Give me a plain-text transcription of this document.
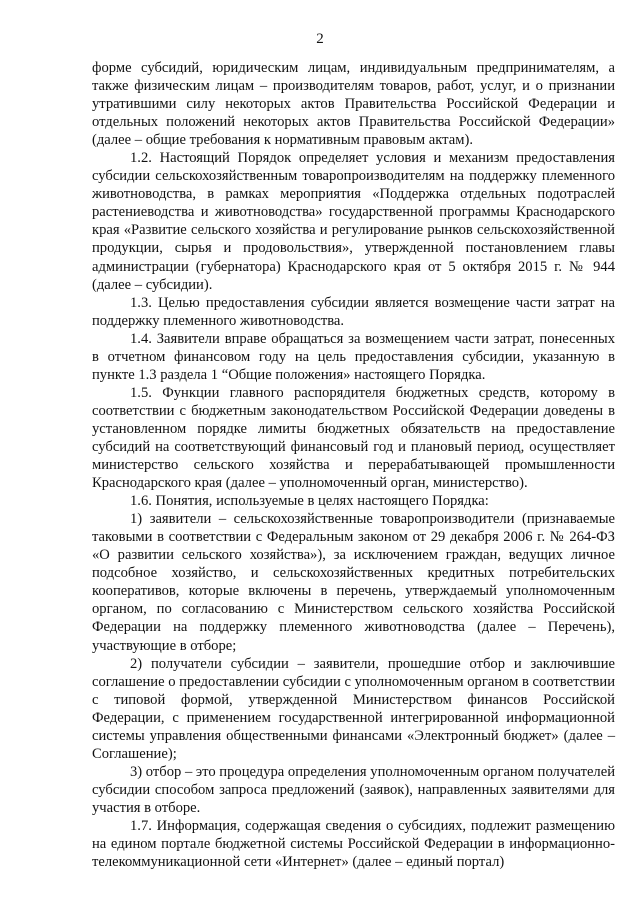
2

форме субсидий, юридическим лицам, индивидуальным предпринимателям, а также физическим лицам – производителям товаров, работ, услуг, и о признании утратившими силу некоторых актов Правительства Российской Федерации и отдельных положений некоторых актов Правительства Российской Федерации» (далее – общие требования к нормативным правовым актам).

1.2. Настоящий Порядок определяет условия и механизм предоставления субсидии сельскохозяйственным товаропроизводителям на поддержку племенного животноводства, в рамках мероприятия «Поддержка отдельных подотраслей растениеводства и животноводства» государственной программы Краснодарского края «Развитие сельского хозяйства и регулирование рынков сельскохозяйственной продукции, сырья и продовольствия», утвержденной постановлением главы администрации (губернатора) Краснодарского края от 5 октября 2015 г. № 944 (далее – субсидии).

1.3. Целью предоставления субсидии является возмещение части затрат на поддержку племенного животноводства.

1.4. Заявители вправе обращаться за возмещением части затрат, понесенных в отчетном финансовом году на цель предоставления субсидии, указанную в пункте 1.3 раздела 1 “Общие положения» настоящего Порядка.

1.5. Функции главного распорядителя бюджетных средств, которому в соответствии с бюджетным законодательством Российской Федерации доведены в установленном порядке лимиты бюджетных обязательств на предоставление субсидий на соответствующий финансовый год и плановый период, осуществляет министерство сельского хозяйства и перерабатывающей промышленности Краснодарского края (далее – уполномоченный орган, министерство).

1.6. Понятия, используемые в целях настоящего Порядка:

1) заявители – сельскохозяйственные товаропроизводители (признаваемые таковыми в соответствии с Федеральным законом от 29 декабря 2006 г. № 264-ФЗ «О развитии сельского хозяйства»), за исключением граждан, ведущих личное подсобное хозяйство, и сельскохозяйственных кредитных потребительских кооперативов, которые включены в перечень, утверждаемый уполномоченным органом, по согласованию с Министерством сельского хозяйства Российской Федерации на поддержку племенного животноводства (далее – Перечень), участвующие в отборе;

2) получатели субсидии – заявители, прошедшие отбор и заключившие соглашение о предоставлении субсидии с уполномоченным органом в соответствии с типовой формой, утвержденной Министерством финансов Российской Федерации, с применением государственной интегрированной информационной системы управления общественными финансами «Электронный бюджет» (далее – Соглашение);

3) отбор – это процедура определения уполномоченным органом получателей субсидии способом запроса предложений (заявок), направленных заявителями для участия в отборе.

1.7. Информация, содержащая сведения о субсидиях, подлежит размещению на едином портале бюджетной системы Российской Федерации в информационно-телекоммуникационной сети «Интернет» (далее – единый портал)
